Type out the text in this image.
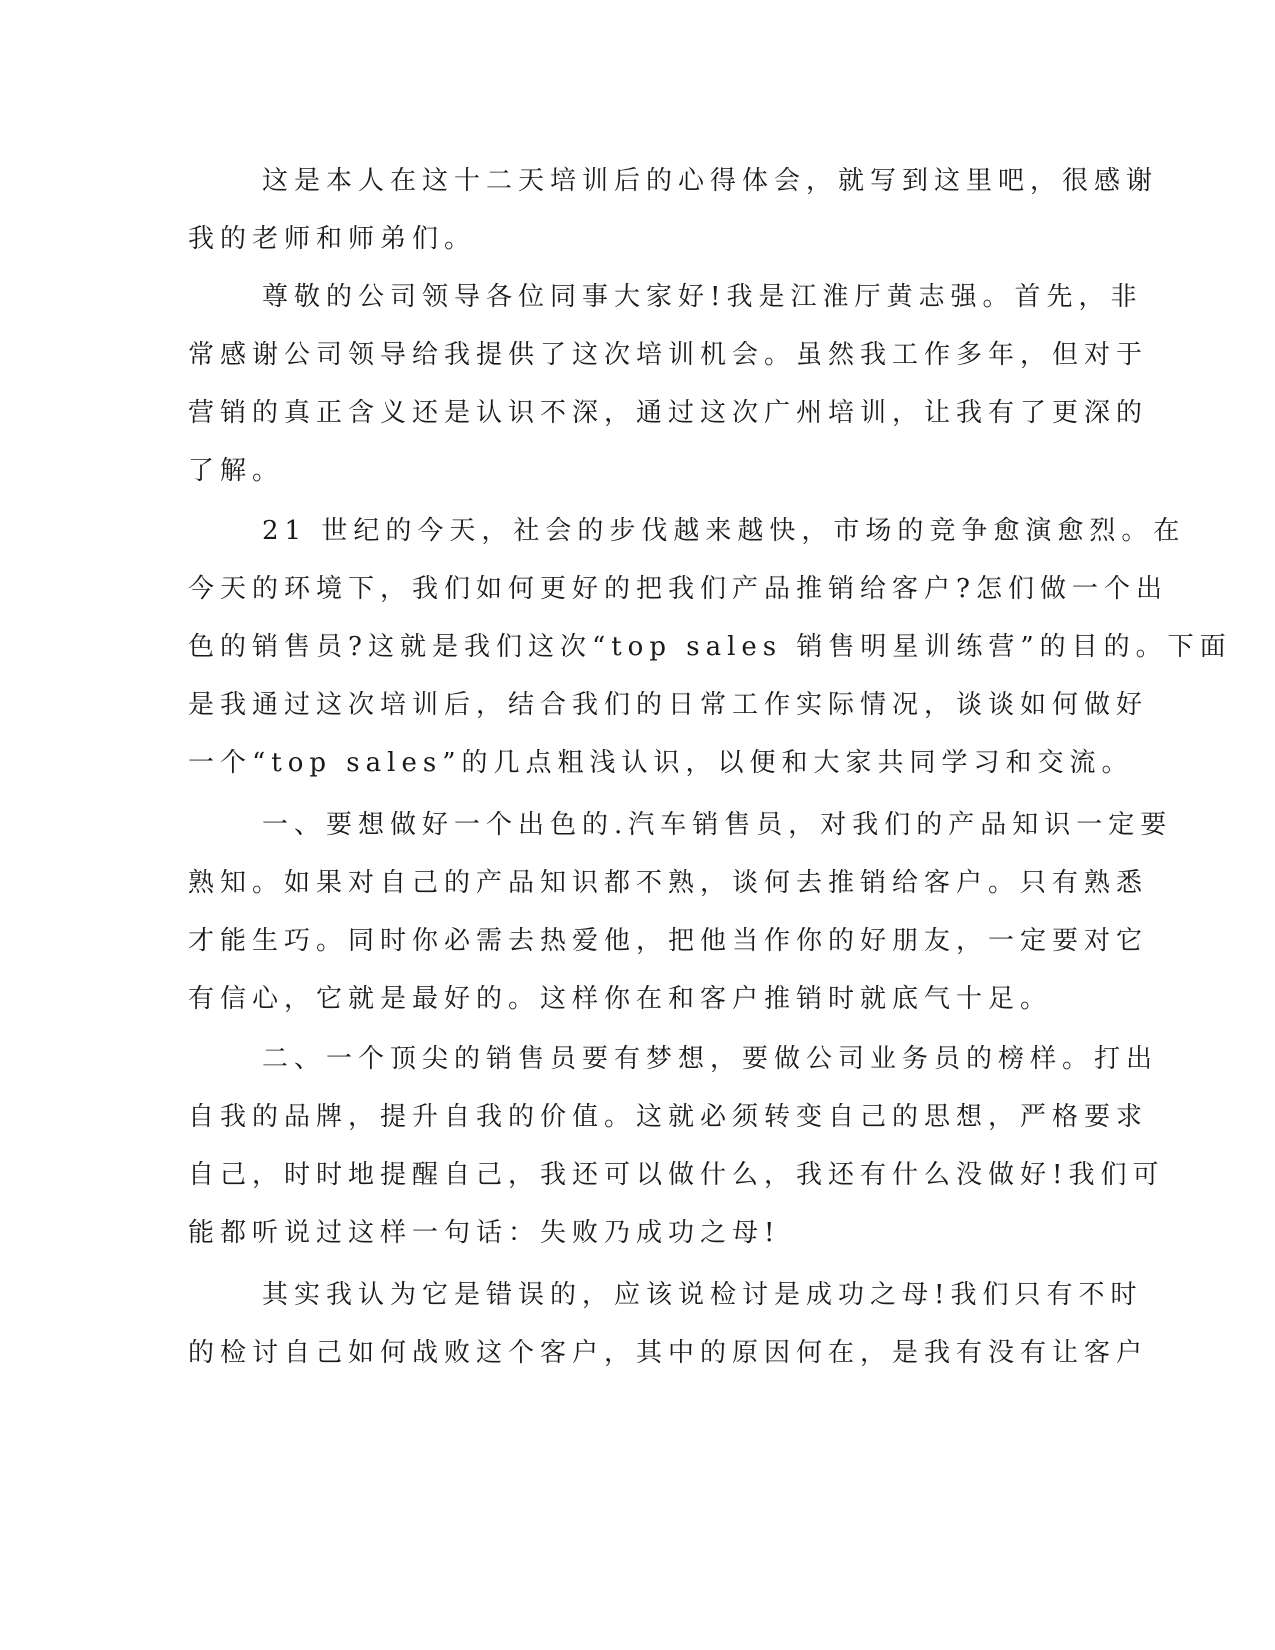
这是本人在这十二天培训后的心得体会，就写到这里吧，很感谢

我的老师和师弟们。

尊敬的公司领导各位同事大家好!我是江淮厅黄志强。首先，非

常感谢公司领导给我提供了这次培训机会。虽然我工作多年，但对于

营销的真正含义还是认识不深，通过这次广州培训，让我有了更深的

了解。

21 世纪的今天，社会的步伐越来越快，市场的竞争愈演愈烈。在

今天的环境下，我们如何更好的把我们产品推销给客户?怎们做一个出

色的销售员?这就是我们这次“top sales 销售明星训练营”的目的。下面

是我通过这次培训后，结合我们的日常工作实际情况，谈谈如何做好

一个“top sales”的几点粗浅认识，以便和大家共同学习和交流。

一、要想做好一个出色的.汽车销售员，对我们的产品知识一定要

熟知。如果对自己的产品知识都不熟，谈何去推销给客户。只有熟悉

才能生巧。同时你必需去热爱他，把他当作你的好朋友，一定要对它

有信心，它就是最好的。这样你在和客户推销时就底气十足。

二、一个顶尖的销售员要有梦想，要做公司业务员的榜样。打出

自我的品牌，提升自我的价值。这就必须转变自己的思想，严格要求

自己，时时地提醒自己，我还可以做什么，我还有什么没做好!我们可

能都听说过这样一句话：失败乃成功之母!

其实我认为它是错误的，应该说检讨是成功之母!我们只有不时

的检讨自己如何战败这个客户，其中的原因何在，是我有没有让客户
